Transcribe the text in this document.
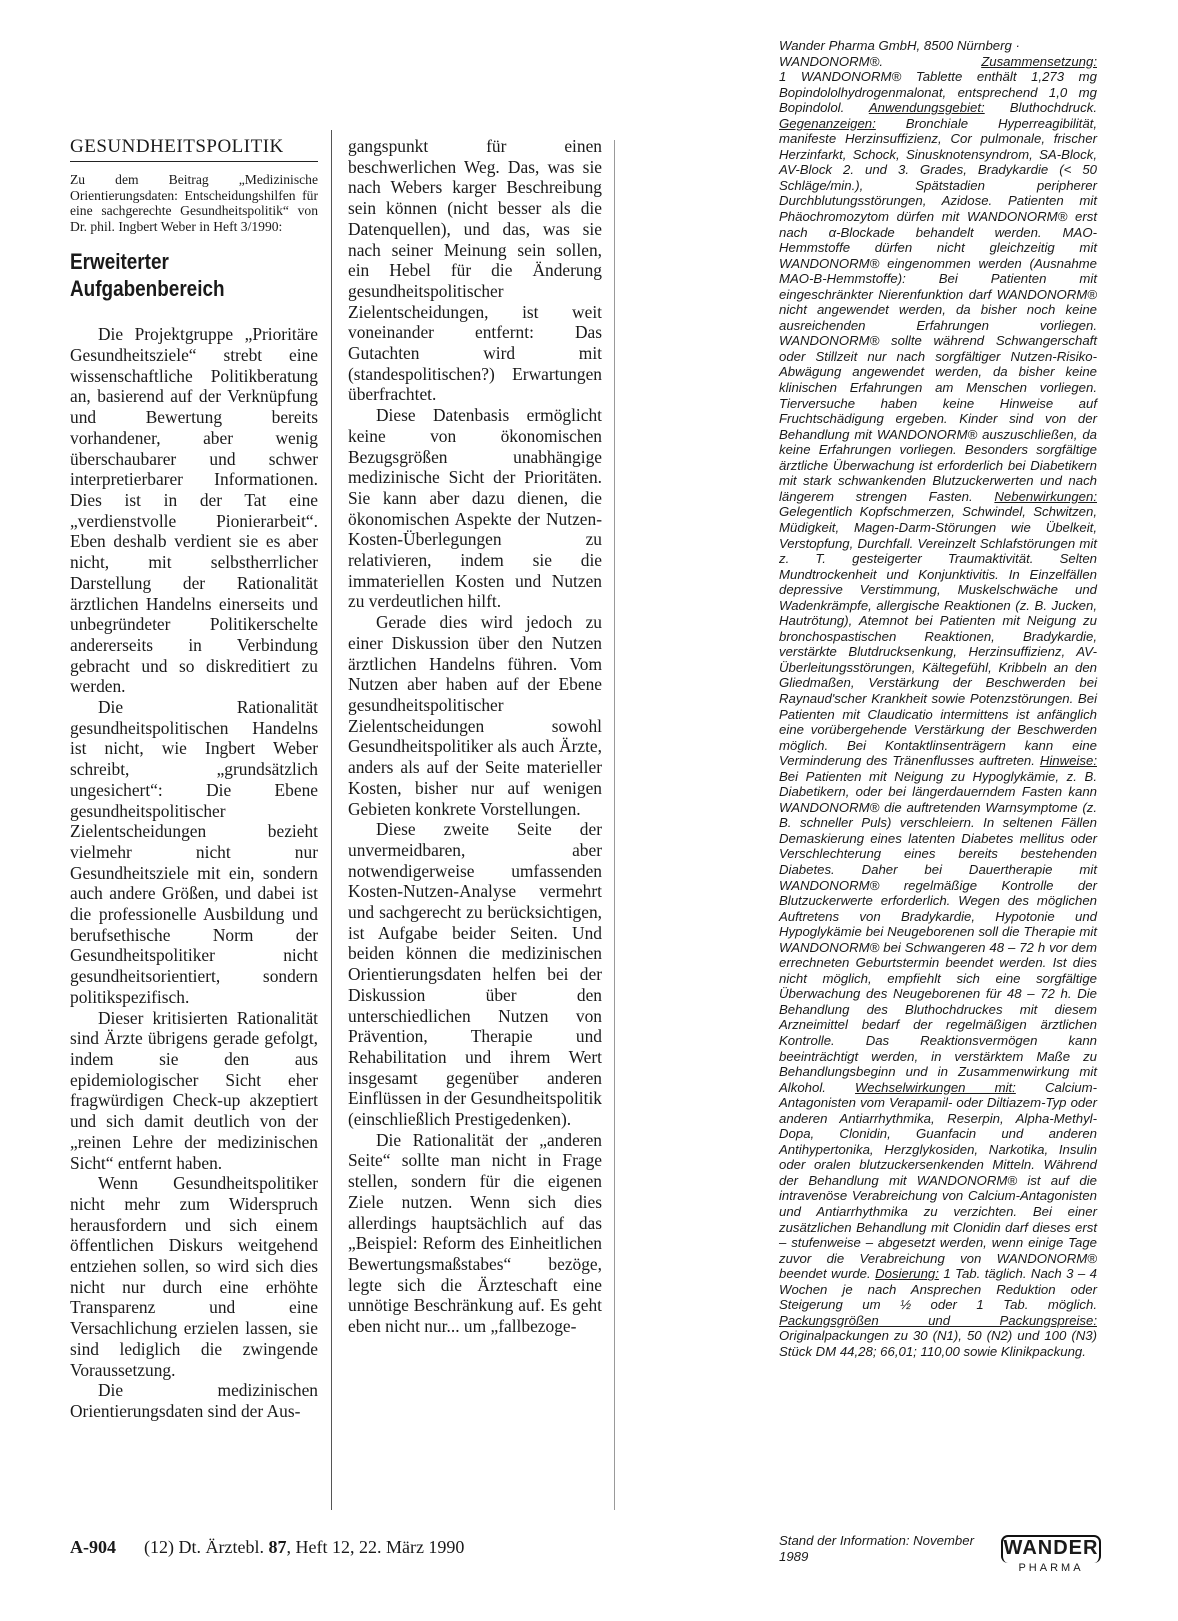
GESUNDHEITSPOLITIK
Zu dem Beitrag „Medizinische Orientierungsdaten: Entscheidungshilfen für eine sachgerechte Gesundheitspolitik“ von Dr. phil. Ingbert Weber in Heft 3/1990:
Erweiterter Aufgabenbereich

Die Projektgruppe „Prioritäre Gesundheitsziele“ strebt eine wissenschaftliche Politikberatung an, basierend auf der Verknüpfung und Bewertung bereits vorhandener, aber wenig überschaubarer und schwer interpretierbarer Informationen. Dies ist in der Tat eine „verdienstvolle Pionierarbeit“. Eben deshalb verdient sie es aber nicht, mit selbstherrlicher Darstellung der Rationalität ärztlichen Handelns einerseits und unbegründeter Politikerschelte andererseits in Verbindung gebracht und so diskreditiert zu werden.

Die Rationalität gesundheitspolitischen Handelns ist nicht, wie Ingbert Weber schreibt, „grundsätzlich ungesichert“: Die Ebene gesundheitspolitischer Zielentscheidungen bezieht vielmehr nicht nur Gesundheitsziele mit ein, sondern auch andere Größen, und dabei ist die professionelle Ausbildung und berufsethische Norm der Gesundheitspolitiker nicht gesundheitsorientiert, sondern politikspezifisch.

Dieser kritisierten Rationalität sind Ärzte übrigens gerade gefolgt, indem sie den aus epidemiologischer Sicht eher fragwürdigen Check-up akzeptiert und sich damit deutlich von der „reinen Lehre der medizinischen Sicht“ entfernt haben.

Wenn Gesundheitspolitiker nicht mehr zum Widerspruch herausfordern und sich einem öffentlichen Diskurs weitgehend entziehen sollen, so wird sich dies nicht nur durch eine erhöhte Transparenz und eine Versachlichung erzielen lassen, sie sind lediglich die zwingende Voraussetzung.

Die medizinischen Orientierungsdaten sind der Aus-

gangspunkt für einen beschwerlichen Weg. Das, was sie nach Webers karger Beschreibung sein können (nicht besser als die Datenquellen), und das, was sie nach seiner Meinung sein sollen, ein Hebel für die Änderung gesundheitspolitischer Zielentscheidungen, ist weit voneinander entfernt: Das Gutachten wird mit (standespolitischen?) Erwartungen überfrachtet.

Diese Datenbasis ermöglicht keine von ökonomischen Bezugsgrößen unabhängige medizinische Sicht der Prioritäten. Sie kann aber dazu dienen, die ökonomischen Aspekte der Nutzen-Kosten-Überlegungen zu relativieren, indem sie die immateriellen Kosten und Nutzen zu verdeutlichen hilft.

Gerade dies wird jedoch zu einer Diskussion über den Nutzen ärztlichen Handelns führen. Vom Nutzen aber haben auf der Ebene gesundheitspolitischer Zielentscheidungen sowohl Gesundheitspolitiker als auch Ärzte, anders als auf der Seite materieller Kosten, bisher nur auf wenigen Gebieten konkrete Vorstellungen.

Diese zweite Seite der unvermeidbaren, aber notwendigerweise umfassenden Kosten-Nutzen-Analyse vermehrt und sachgerecht zu berücksichtigen, ist Aufgabe beider Seiten. Und beiden können die medizinischen Orientierungsdaten helfen bei der Diskussion über den unterschiedlichen Nutzen von Prävention, Therapie und Rehabilitation und ihrem Wert insgesamt gegenüber anderen Einflüssen in der Gesundheitspolitik (einschließlich Prestigedenken).

Die Rationalität der „anderen Seite“ sollte man nicht in Frage stellen, sondern für die eigenen Ziele nutzen. Wenn sich dies allerdings hauptsächlich auf das „Beispiel: Reform des Einheitlichen Bewertungsmaßstabes“ bezöge, legte sich die Ärzteschaft eine unnötige Beschränkung auf. Es geht eben nicht nur... um „fallbezoge-

Wander Pharma GmbH, 8500 Nürnberg ·
WANDONORM®.	Zusammensetzung:

1 WANDONORM® Tablette enthält 1,273 mg Bopindololhydrogenmalonat, entsprechend 1,0 mg Bopindolol. Anwendungsgebiet: Bluthochdruck. Gegenanzeigen: Bronchiale Hyperreagibilität, manifeste Herzinsuffizienz, Cor pulmonale, frischer Herzinfarkt, Schock, Sinusknotensyndrom, SA-Block, AV-Block 2. und 3. Grades, Bradykardie (< 50 Schläge/min.), Spätstadien peripherer Durchblutungsstörungen, Azidose. Patienten mit Phäochromozytom dürfen mit WANDONORM® erst nach α-Blockade behandelt werden. MAO-Hemmstoffe dürfen nicht gleichzeitig mit WANDONORM® eingenommen werden (Ausnahme MAO-B-Hemmstoffe): Bei Patienten mit eingeschränkter Nierenfunktion darf WANDONORM® nicht angewendet werden, da bisher noch keine ausreichenden Erfahrungen vorliegen. WANDONORM® sollte während Schwangerschaft oder Stillzeit nur nach sorgfältiger Nutzen-Risiko-Abwägung angewendet werden, da bisher keine klinischen Erfahrungen am Menschen vorliegen. Tierversuche haben keine Hinweise auf Fruchtschädigung ergeben. Kinder sind von der Behandlung mit WANDONORM® auszuschließen, da keine Erfahrungen vorliegen. Besonders sorgfältige ärztliche Überwachung ist erforderlich bei Diabetikern mit stark schwankenden Blutzuckerwerten und nach längerem strengen Fasten. Nebenwirkungen: Gelegentlich Kopfschmerzen, Schwindel, Schwitzen, Müdigkeit, Magen-Darm-Störungen wie Übelkeit, Verstopfung, Durchfall. Vereinzelt Schlafstörungen mit z. T. gesteigerter Traumaktivität. Selten Mundtrockenheit und Konjunktivitis. In Einzelfällen depressive Verstimmung, Muskelschwäche und Wadenkrämpfe, allergische Reaktionen (z. B. Jucken, Hautrötung), Atemnot bei Patienten mit Neigung zu bronchospastischen Reaktionen, Bradykardie, verstärkte Blutdrucksenkung, Herzinsuffizienz, AV-Überleitungsstörungen, Kältegefühl, Kribbeln an den Gliedmaßen, Verstärkung der Beschwerden bei Raynaud'scher Krankheit sowie Potenzstörungen. Bei Patienten mit Claudicatio intermittens ist anfänglich eine vorübergehende Verstärkung der Beschwerden möglich. Bei Kontaktlinsenträgern kann eine Verminderung des Tränenflusses auftreten. Hinweise: Bei Patienten mit Neigung zu Hypoglykämie, z. B. Diabetikern, oder bei längerdauerndem Fasten kann WANDONORM® die auftretenden Warnsymptome (z. B. schneller Puls) verschleiern. In seltenen Fällen Demaskierung eines latenten Diabetes mellitus oder Verschlechterung eines bereits bestehenden Diabetes. Daher bei Dauertherapie mit WANDONORM® regelmäßige Kontrolle der Blutzuckerwerte erforderlich. Wegen des möglichen Auftretens von Bradykardie, Hypotonie und Hypoglykämie bei Neugeborenen soll die Therapie mit WANDONORM® bei Schwangeren 48 – 72 h vor dem errechneten Geburtstermin beendet werden. Ist dies nicht möglich, empfiehlt sich eine sorgfältige Überwachung des Neugeborenen für 48 – 72 h. Die Behandlung des Bluthochdruckes mit diesem Arzneimittel bedarf der regelmäßigen ärztlichen Kontrolle. Das Reaktionsvermögen kann beeinträchtigt werden, in verstärktem Maße zu Behandlungsbeginn und in Zusammenwirkung mit Alkohol. Wechselwirkungen mit: Calcium-Antagonisten vom Verapamil- oder Diltiazem-Typ oder anderen Antiarrhythmika, Reserpin, Alpha-Methyl-Dopa, Clonidin, Guanfacin und anderen Antihypertonika, Herzglykosiden, Narkotika, Insulin oder oralen blutzuckersenkenden Mitteln. Während der Behandlung mit WANDONORM® ist auf die intravenöse Verabreichung von Calcium-Antagonisten und Antiarrhythmika zu verzichten. Bei einer zusätzlichen Behandlung mit Clonidin darf dieses erst – stufenweise – abgesetzt werden, wenn einige Tage zuvor die Verabreichung von WANDONORM® beendet wurde. Dosierung: 1 Tab. täglich. Nach 3 – 4 Wochen je nach Ansprechen Reduktion oder Steigerung um ½ oder 1 Tab. möglich. Packungsgrößen und Packungspreise: Originalpackungen zu 30 (N1), 50 (N2) und 100 (N3) Stück DM 44,28; 66,01; 110,00 sowie Klinikpackung.

Stand der Information: November 1989	WANDER
PHARMA
A-904 (12) Dt. Ärztebl. 87, Heft 12, 22. März 1990
